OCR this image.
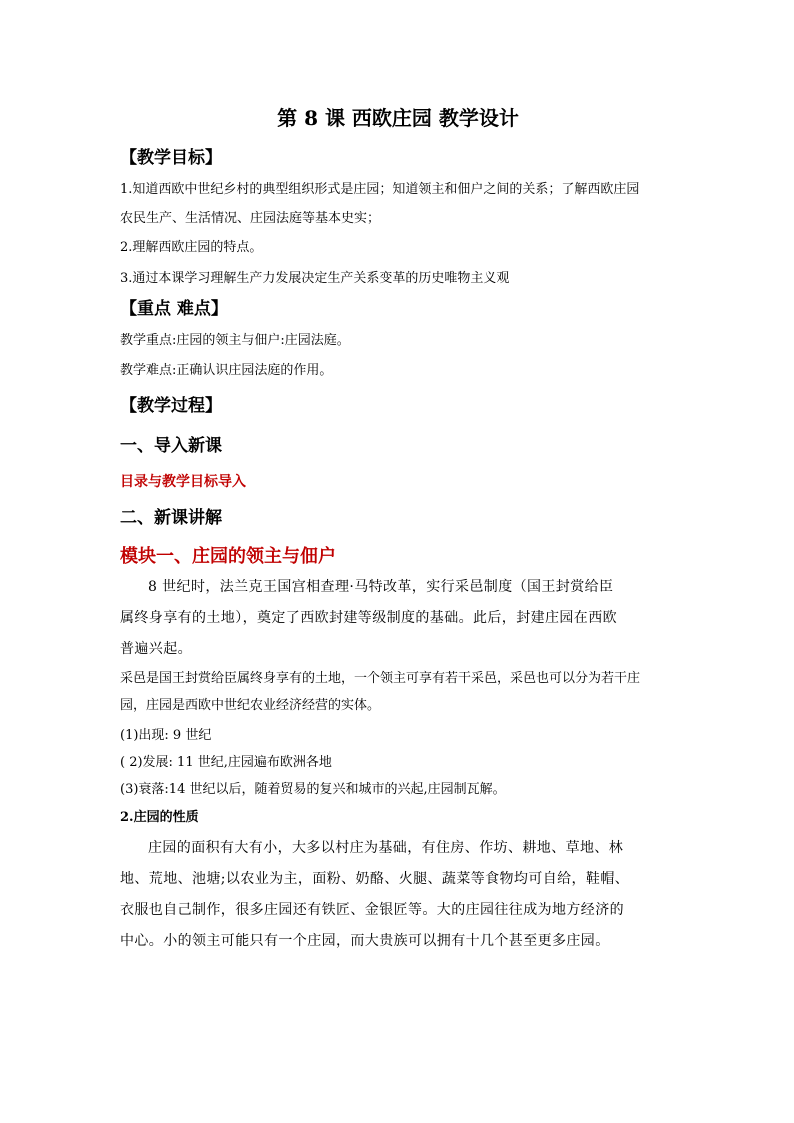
第 8 课 西欧庄园 教学设计
【教学目标】

1.知道西欧中世纪乡村的典型组织形式是庄园；知道领主和佃户之间的关系；了解西欧庄园

农民生产、生活情况、庄园法庭等基本史实；

2.理解西欧庄园的特点。

3.通过本课学习理解生产力发展决定生产关系变革的历史唯物主义观

【重点 难点】

教学重点:庄园的领主与佃户:庄园法庭。

教学难点:正确认识庄园法庭的作用。

【教学过程】
一、导入新课

目录与教学目标导入

二、新课讲解
模块一、庄园的领主与佃户

8 世纪时，法兰克王国宫相查理·马特改革，实行采邑制度（国王封赏给臣
属终身享有的土地），奠定了西欧封建等级制度的基础。此后，封建庄园在西欧
普遍兴起。

采邑是国王封赏给臣属终身享有的土地，一个领主可享有若干采邑，采邑也可以分为若干庄
园，庄园是西欧中世纪农业经济经营的实体。

(1)出现: 9 世纪
( 2)发展: 11 世纪,庄园遍布欧洲各地
(3)衰落:14 世纪以后，随着贸易的复兴和城市的兴起,庄园制瓦解。

2.庄园的性质

庄园的面积有大有小，大多以村庄为基础，有住房、作坊、耕地、草地、林
地、荒地、池塘;以农业为主，面粉、奶酪、火腿、蔬菜等食物均可自给，鞋帽、
衣服也自己制作，很多庄园还有铁匠、金银匠等。大的庄园往往成为地方经济的
中心。小的领主可能只有一个庄园，而大贵族可以拥有十几个甚至更多庄园。
